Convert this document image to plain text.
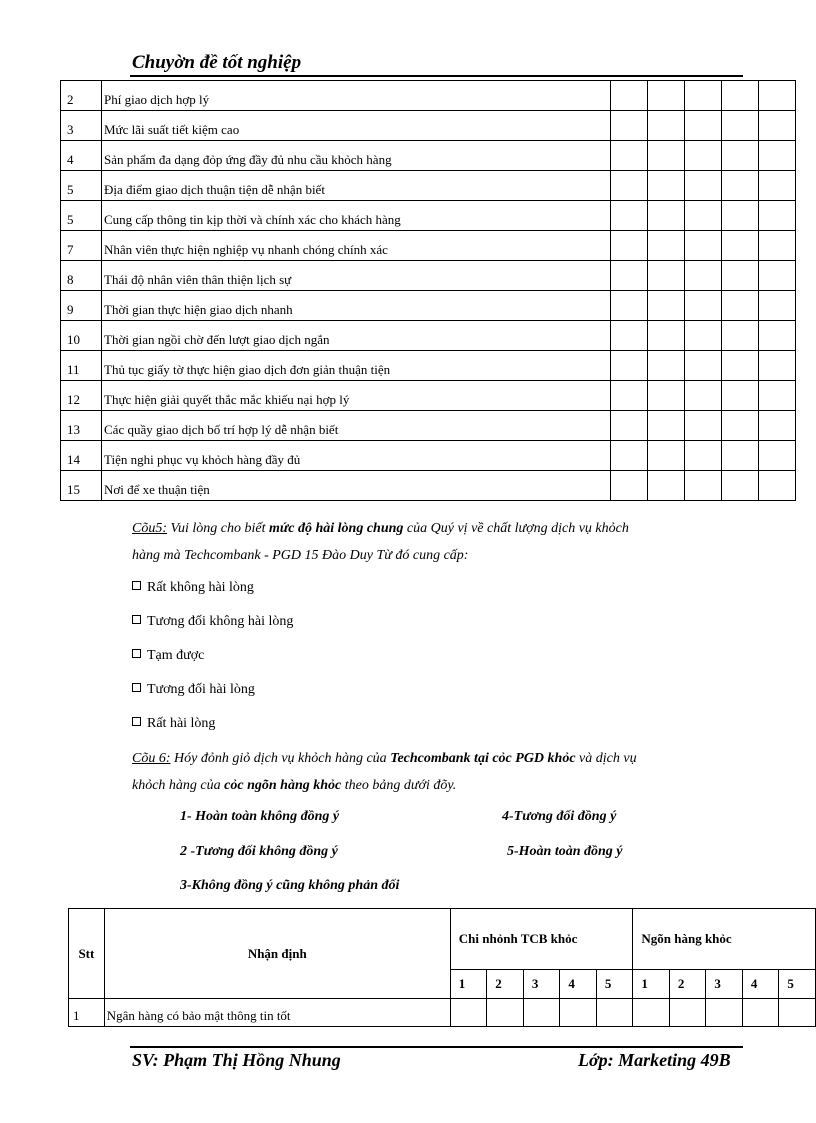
Chuyờn đề tốt nghiệp
2	Phí giao dịch hợp lý					
3	Mức lãi suất tiết kiệm cao					
4	Sản phẩm đa dạng đỏp ứng đầy đủ nhu cầu khỏch hàng					
5	Địa điểm giao dịch thuận tiện dễ nhận biết					
5	Cung cấp thông tin kịp thời và chính xác cho khách hàng					
7	Nhân viên thực hiện nghiệp vụ nhanh chóng chính xác					
8	Thái độ nhân viên thân thiện lịch sự					
9	Thời gian thực hiện giao dịch nhanh					
10	Thời gian ngồi chờ đến lượt giao dịch ngắn					
11	Thủ tục giấy tờ thực hiện giao dịch đơn giản thuận tiện					
12	Thực hiện giải quyết thắc mắc khiếu nại hợp lý					
13	Các quầy giao dịch bố trí hợp lý dễ nhận biết					
14	Tiện nghi phục vụ khỏch hàng đầy đủ					
15	Nơi để xe thuận tiện					
Cõu5: Vui lòng cho biết mức độ hài lòng chung của Quý vị về chất lượng dịch vụ khỏch
hàng mà Techcombank - PGD 15 Đào Duy Từ đó cung cấp:
Rất không hài lòng
Tương đối không hài lòng
Tạm được
Tương đối hài lòng
Rất hài lòng
Cõu 6: Hóy đỏnh giỏ dịch vụ khỏch hàng của Techcombank tại cỏc PGD khỏc và dịch vụ
khỏch hàng của cỏc ngõn hàng khỏc theo bảng dưới đõy.
1- Hoàn toàn không đồng ý	4-Tương đối đồng ý
2 -Tương đối không đồng ý	5-Hoàn toàn đồng ý
3-Không đồng ý cũng không phản đối
Stt	Nhận định	Chi nhỏnh TCB khỏc					Ngõn hàng khỏc				
		1	2	3	4	5	1	2	3	4	5
1	Ngân hàng có bảo mật thông tin tốt										
SV: Phạm Thị Hồng Nhung	Lớp: Marketing 49B
